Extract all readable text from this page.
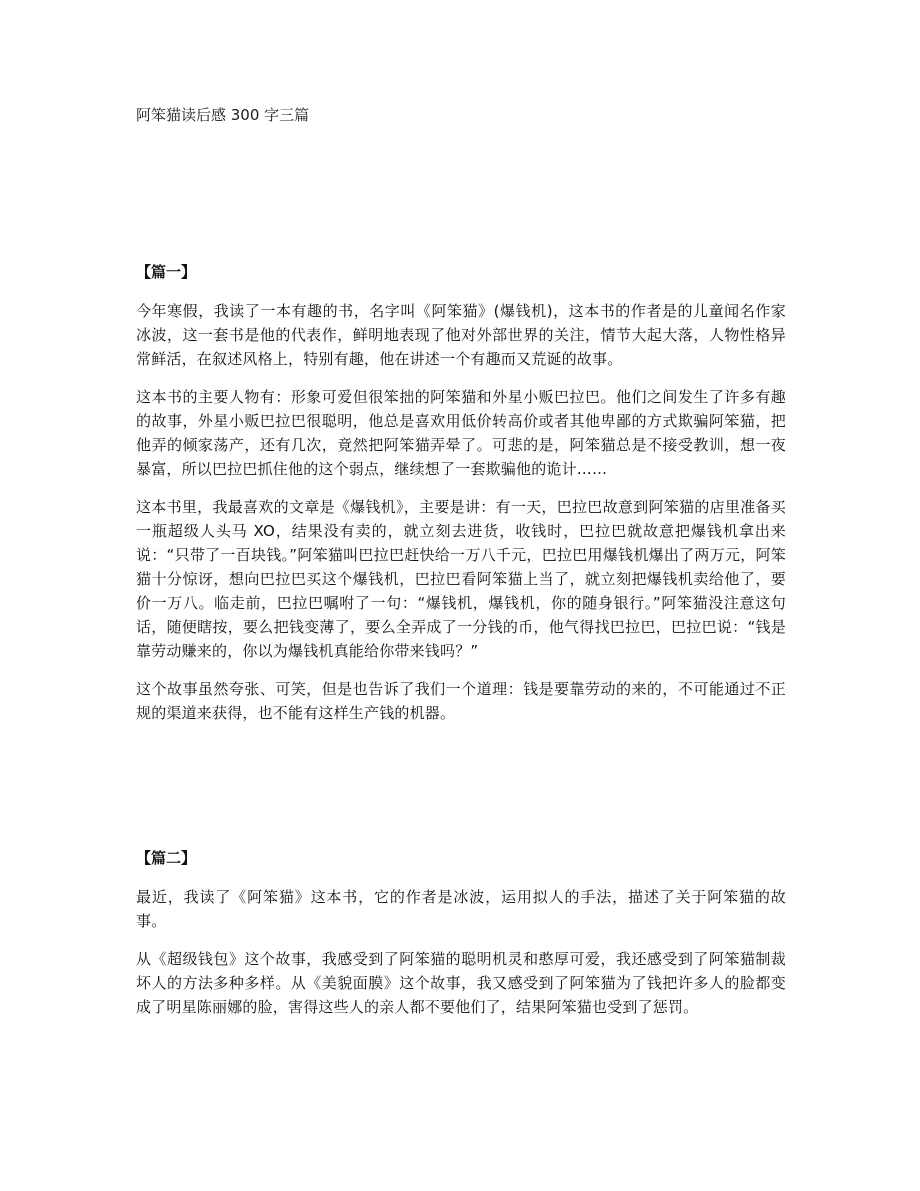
阿笨猫读后感 300 字三篇
【篇一】

今年寒假，我读了一本有趣的书，名字叫《阿笨猫》(爆钱机)，这本书的作者是的儿童闻名作家冰波，这一套书是他的代表作，鲜明地表现了他对外部世界的关注，情节大起大落，人物性格异常鲜活，在叙述风格上，特别有趣，他在讲述一个有趣而又荒诞的故事。

这本书的主要人物有：形象可爱但很笨拙的阿笨猫和外星小贩巴拉巴。他们之间发生了许多有趣的故事，外星小贩巴拉巴很聪明，他总是喜欢用低价转高价或者其他卑鄙的方式欺骗阿笨猫，把他弄的倾家荡产，还有几次，竟然把阿笨猫弄晕了。可悲的是，阿笨猫总是不接受教训，想一夜暴富，所以巴拉巴抓住他的这个弱点，继续想了一套欺骗他的诡计……

这本书里，我最喜欢的文章是《爆钱机》，主要是讲：有一天，巴拉巴故意到阿笨猫的店里准备买一瓶超级人头马 XO，结果没有卖的，就立刻去进货，收钱时，巴拉巴就故意把爆钱机拿出来说：“只带了一百块钱。”阿笨猫叫巴拉巴赶快给一万八千元，巴拉巴用爆钱机爆出了两万元，阿笨猫十分惊讶，想向巴拉巴买这个爆钱机，巴拉巴看阿笨猫上当了，就立刻把爆钱机卖给他了，要价一万八。临走前，巴拉巴嘱咐了一句：“爆钱机，爆钱机，你的随身银行。”阿笨猫没注意这句话，随便瞎按，要么把钱变薄了，要么全弄成了一分钱的币，他气得找巴拉巴，巴拉巴说：“钱是靠劳动赚来的，你以为爆钱机真能给你带来钱吗？”

这个故事虽然夸张、可笑，但是也告诉了我们一个道理：钱是要靠劳动的来的，不可能通过不正规的渠道来获得，也不能有这样生产钱的机器。

【篇二】

最近，我读了《阿笨猫》这本书，它的作者是冰波，运用拟人的手法，描述了关于阿笨猫的故事。

从《超级钱包》这个故事，我感受到了阿笨猫的聪明机灵和憨厚可爱，我还感受到了阿笨猫制裁坏人的方法多种多样。从《美貌面膜》这个故事，我又感受到了阿笨猫为了钱把许多人的脸都变成了明星陈丽娜的脸，害得这些人的亲人都不要他们了，结果阿笨猫也受到了惩罚。
